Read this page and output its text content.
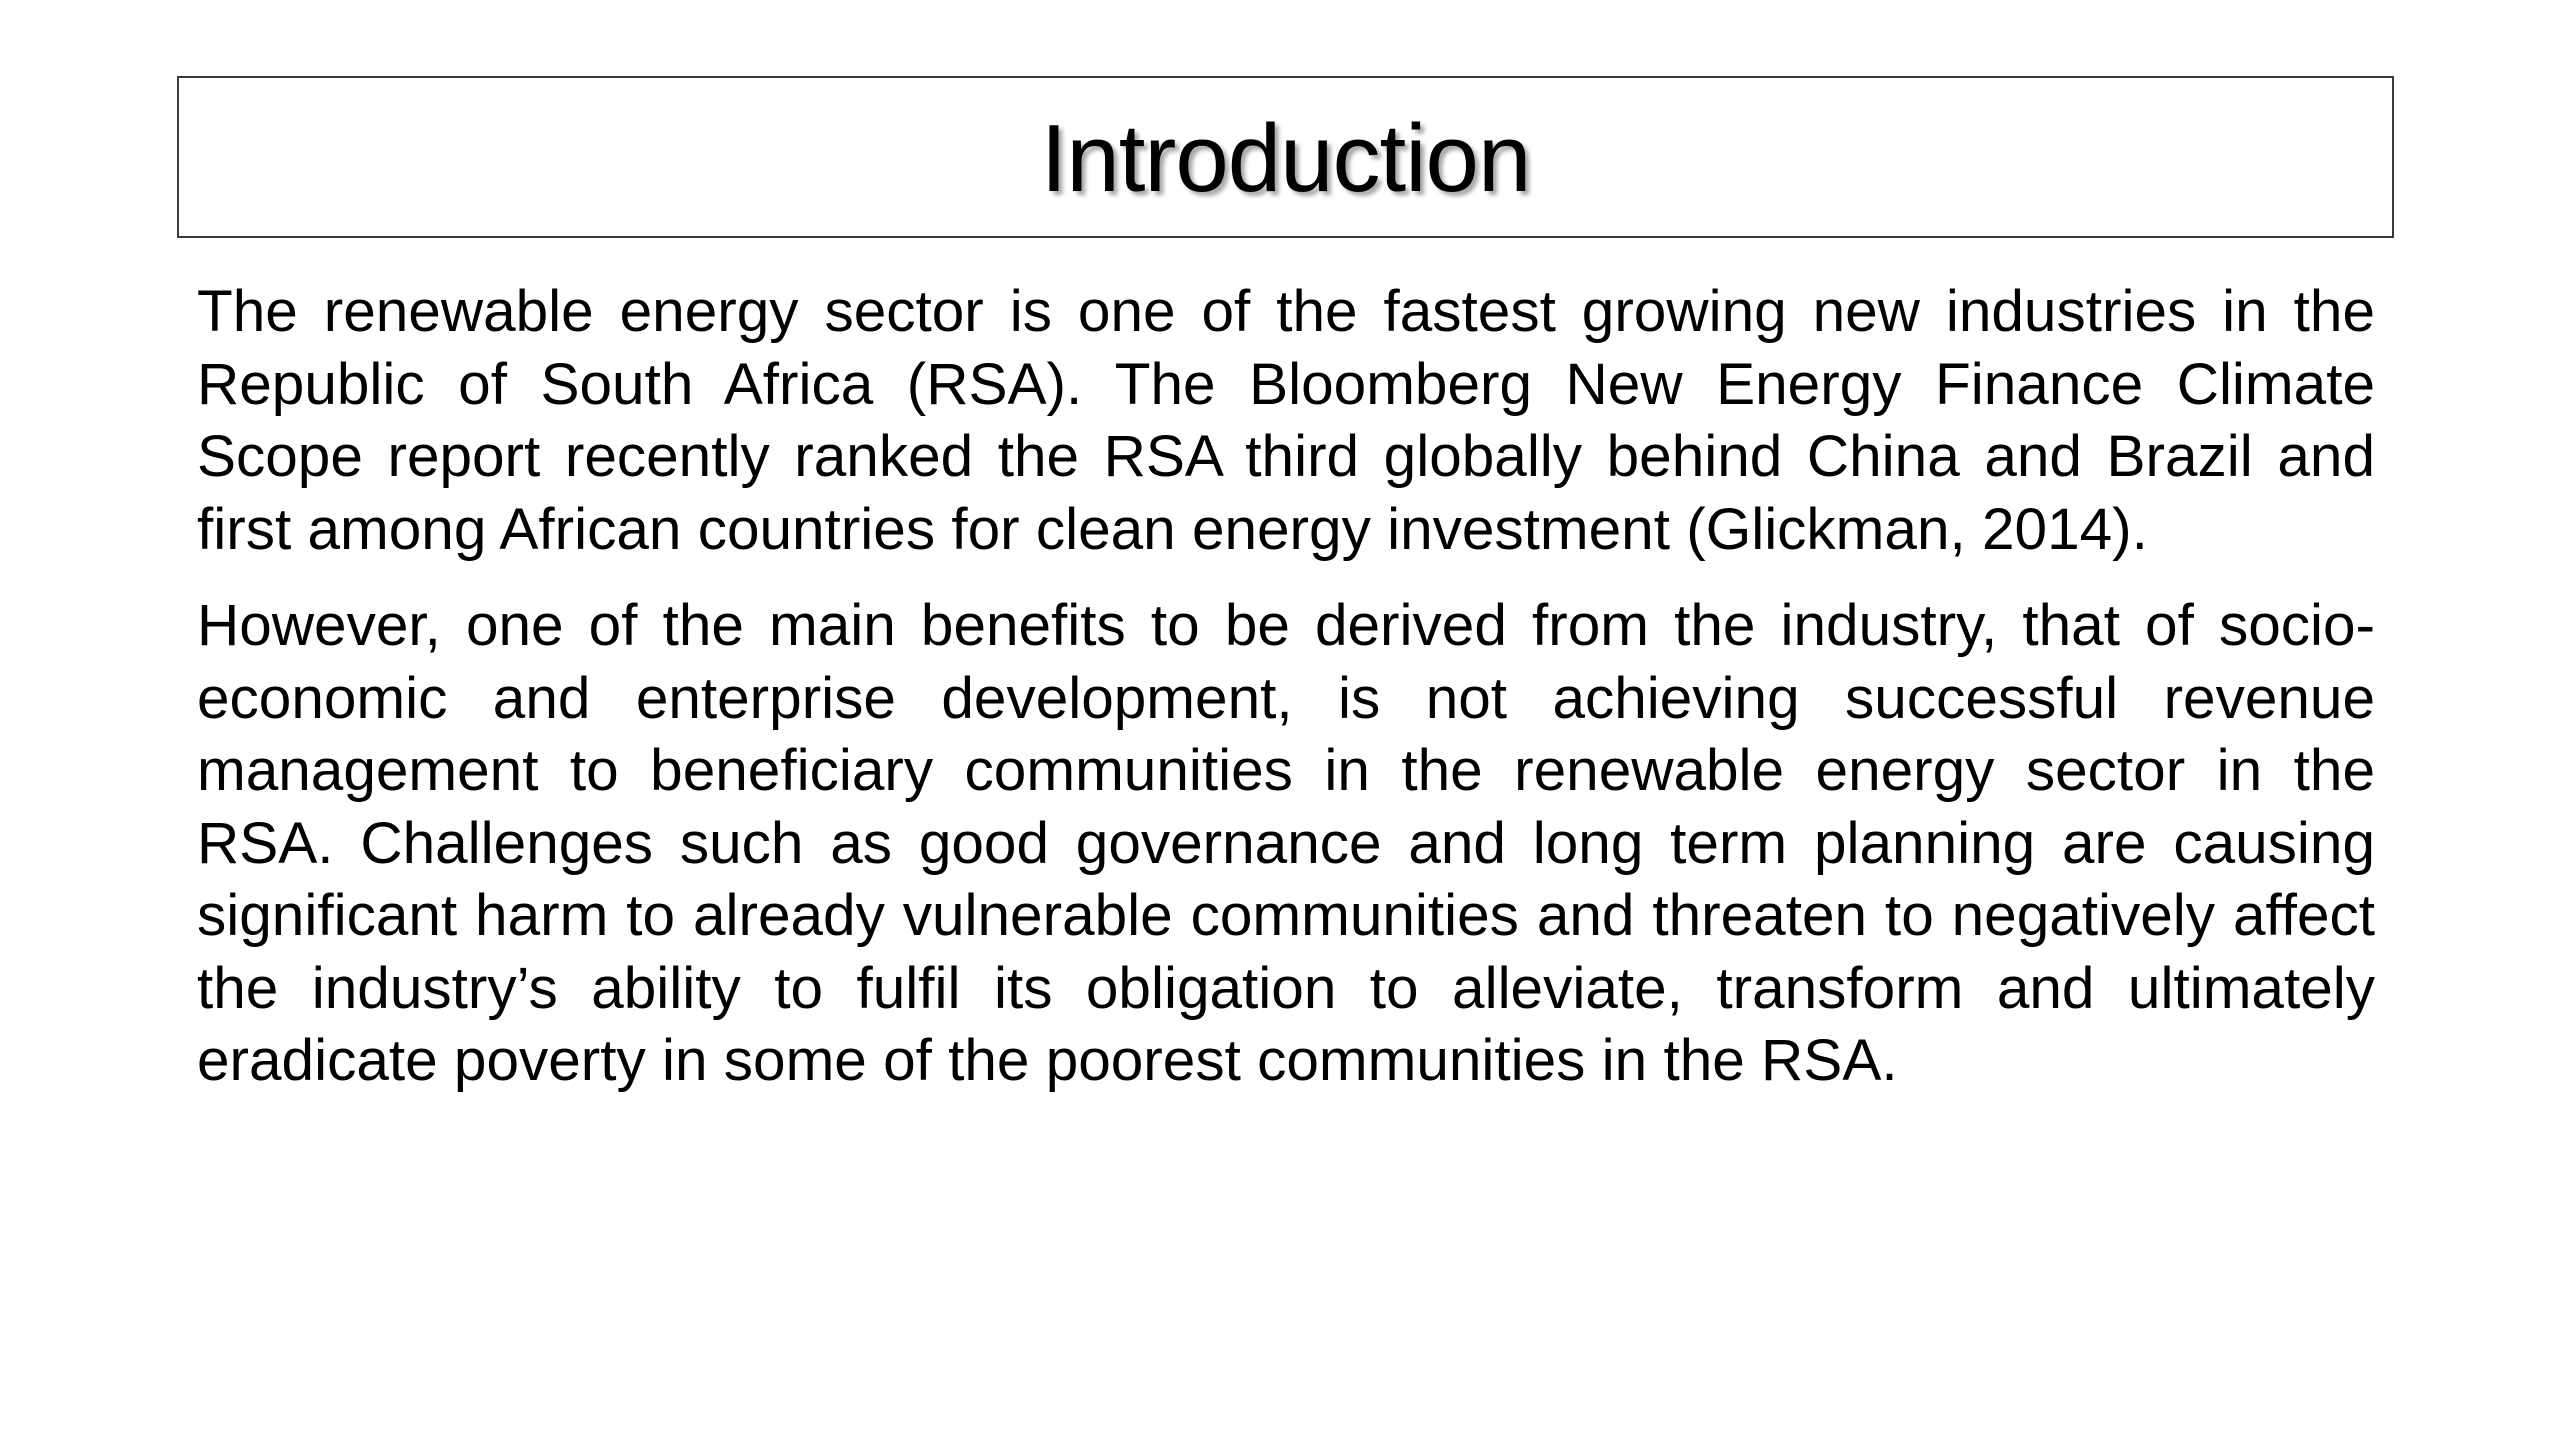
Introduction

The renewable energy sector is one of the fastest growing new industries in the Republic of South Africa (RSA). The Bloomberg New Energy Finance Climate Scope report recently ranked the RSA third globally behind China and Brazil and first among African countries for clean energy investment (Glickman, 2014).

However, one of the main benefits to be derived from the industry, that of socio-economic and enterprise development, is not achieving successful revenue management to beneficiary communities in the renewable energy sector in the RSA. Challenges such as good governance and long term planning are causing significant harm to already vulnerable communities and threaten to negatively affect the industry’s ability to fulfil its obligation to alleviate, transform and ultimately eradicate poverty in some of the poorest communities in the RSA.
